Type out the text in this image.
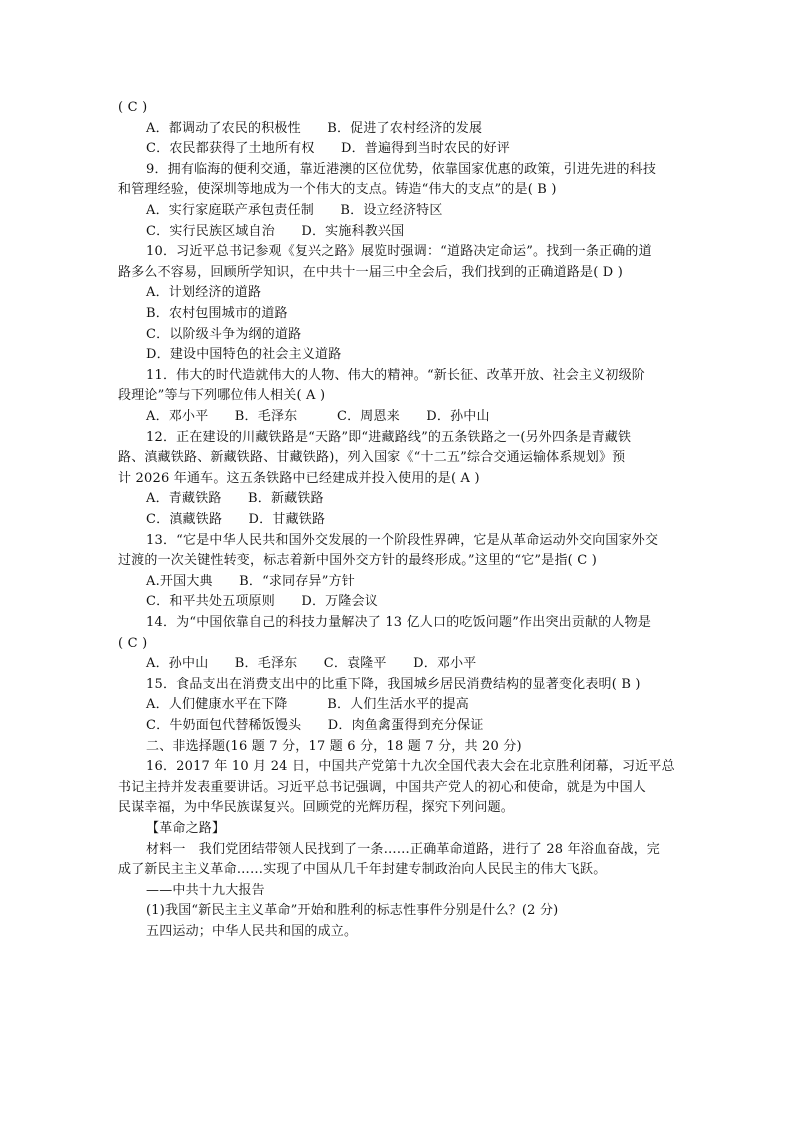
( C )
A．都调动了农民的积极性　　B．促进了农村经济的发展
C．农民都获得了土地所有权　　D．普遍得到当时农民的好评
9．拥有临海的便利交通，靠近港澳的区位优势，依靠国家优惠的政策，引进先进的科技
和管理经验，使深圳等地成为一个伟大的支点。铸造“伟大的支点”的是( B )
A．实行家庭联产承包责任制　　B．设立经济特区
C．实行民族区域自治　　D．实施科教兴国
10．习近平总书记参观《复兴之路》展览时强调：“道路决定命运”。找到一条正确的道
路多么不容易，回顾所学知识，在中共十一届三中全会后，我们找到的正确道路是( D )
A．计划经济的道路
B．农村包围城市的道路
C．以阶级斗争为纲的道路
D．建设中国特色的社会主义道路
11．伟大的时代造就伟大的人物、伟大的精神。“新长征、改革开放、社会主义初级阶
段理论”等与下列哪位伟人相关( A )
A．邓小平　　B．毛泽东　　　C．周恩来　　D．孙中山
12．正在建设的川藏铁路是“天路”即“进藏路线”的五条铁路之一(另外四条是青藏铁
路、滇藏铁路、新藏铁路、甘藏铁路)，列入国家《“十二五”综合交通运输体系规划》预
计 2026 年通车。这五条铁路中已经建成并投入使用的是( A )
A．青藏铁路　　B．新藏铁路
C．滇藏铁路　　D．甘藏铁路
13．“它是中华人民共和国外交发展的一个阶段性界碑，它是从革命运动外交向国家外交
过渡的一次关键性转变，标志着新中国外交方针的最终形成。”这里的“它”是指( C )
A.开国大典　　B．“求同存异”方针
C．和平共处五项原则　　D．万隆会议
14．为“中国依靠自己的科技力量解决了 13 亿人口的吃饭问题”作出突出贡献的人物是
( C )
A．孙中山　　B．毛泽东　　C．袁隆平　　D．邓小平
15．食品支出在消费支出中的比重下降，我国城乡居民消费结构的显著变化表明( B )
A．人们健康水平在下降　　　B．人们生活水平的提高
C．牛奶面包代替稀饭馒头　　D．肉鱼禽蛋得到充分保证
二、非选择题(16 题 7 分，17 题 6 分，18 题 7 分，共 20 分)
16．2017 年 10 月 24 日，中国共产党第十九次全国代表大会在北京胜利闭幕，习近平总
书记主持并发表重要讲话。习近平总书记强调，中国共产党人的初心和使命，就是为中国人
民谋幸福，为中华民族谋复兴。回顾党的光辉历程，探究下列问题。
【革命之路】
材料一　我们党团结带领人民找到了一条……正确革命道路，进行了 28 年浴血奋战，完
成了新民主主义革命……实现了中国从几千年封建专制政治向人民民主的伟大飞跃。
——中共十九大报告
(1)我国“新民主主义革命”开始和胜利的标志性事件分别是什么？(2 分)
五四运动；中华人民共和国的成立。
